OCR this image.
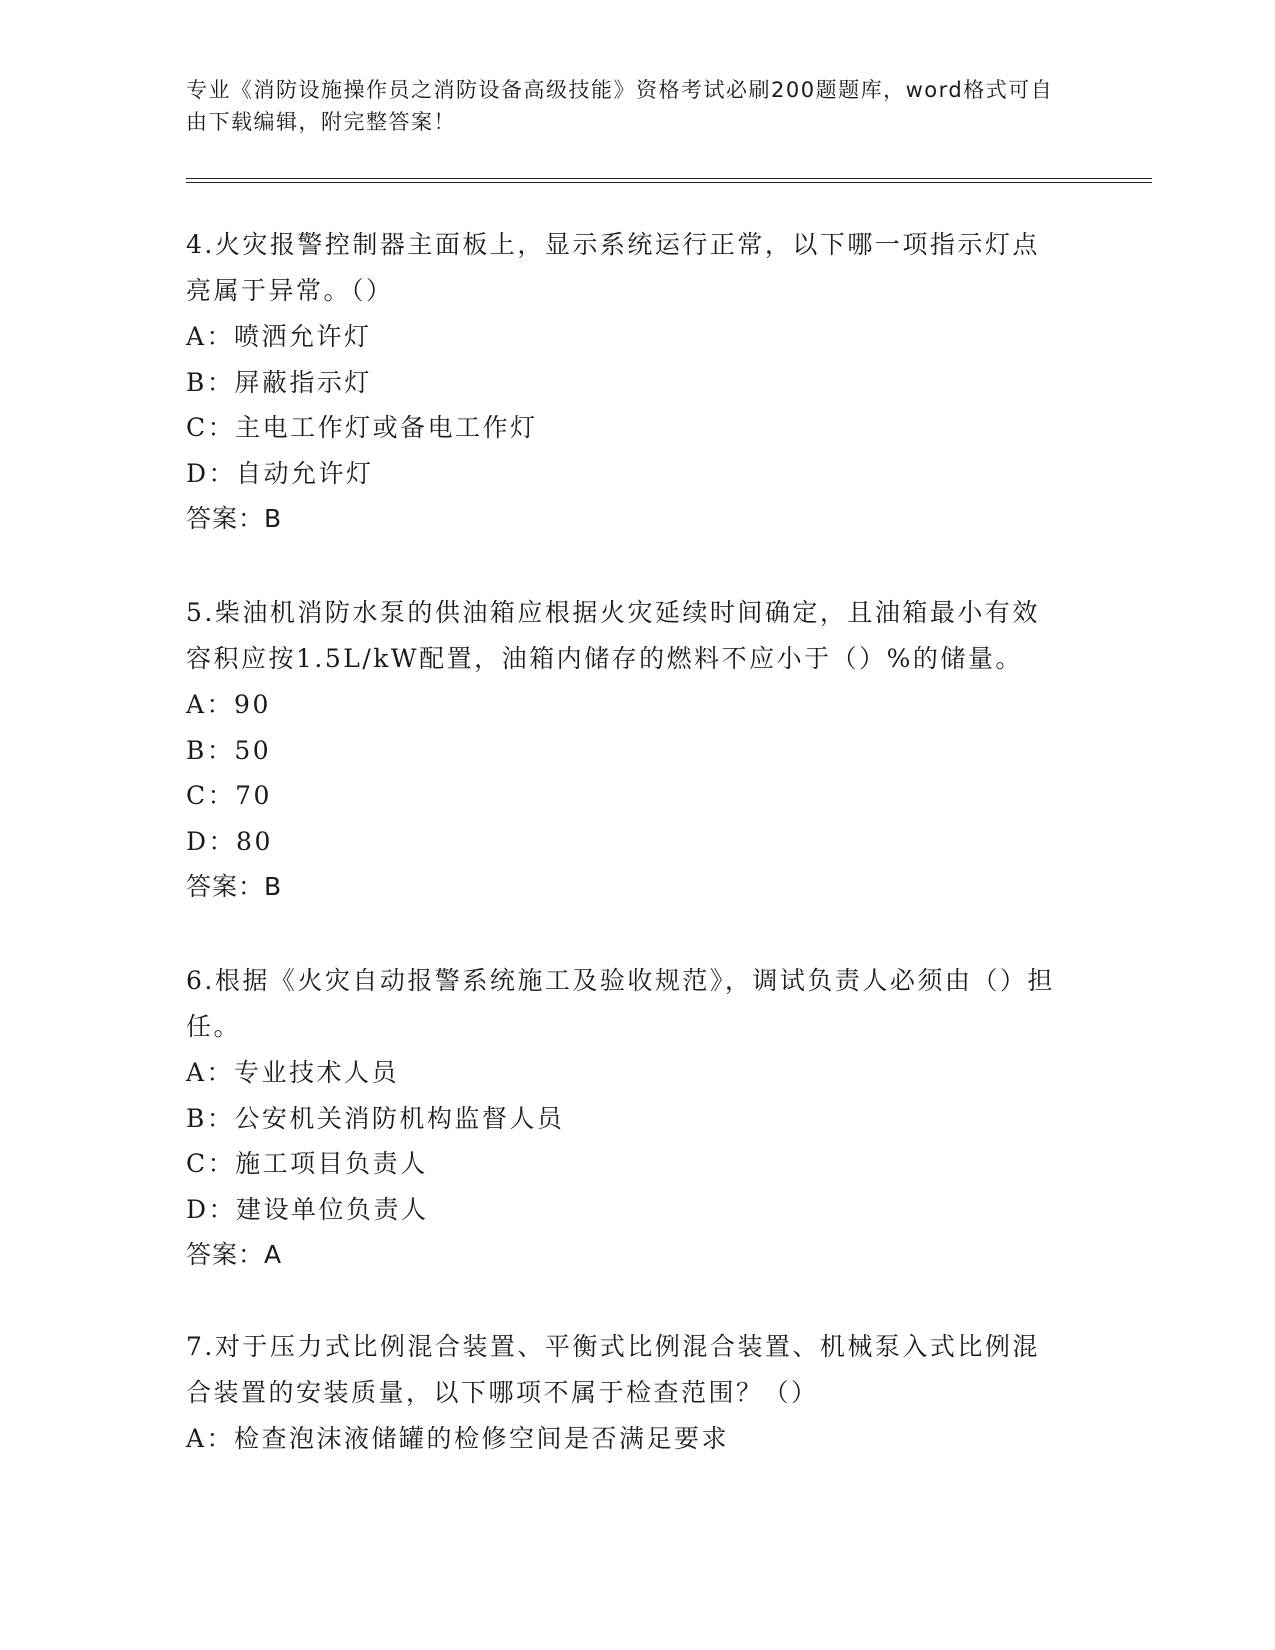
专业《消防设施操作员之消防设备高级技能》资格考试必刷200题题库，word格式可自由下载编辑，附完整答案！
4.火灾报警控制器主面板上，显示系统运行正常，以下哪一项指示灯点亮属于异常。（）
A：喷洒允许灯
B：屏蔽指示灯
C：主电工作灯或备电工作灯
D：自动允许灯
答案：B
5.柴油机消防水泵的供油箱应根据火灾延续时间确定，且油箱最小有效容积应按1.5L/kW配置，油箱内储存的燃料不应小于（）%的储量。
A：90
B：50
C：70
D：80
答案：B
6.根据《火灾自动报警系统施工及验收规范》，调试负责人必须由（）担任。
A：专业技术人员
B：公安机关消防机构监督人员
C：施工项目负责人
D：建设单位负责人
答案：A
7.对于压力式比例混合装置、平衡式比例混合装置、机械泵入式比例混合装置的安装质量，以下哪项不属于检查范围？（）
A：检查泡沫液储罐的检修空间是否满足要求
